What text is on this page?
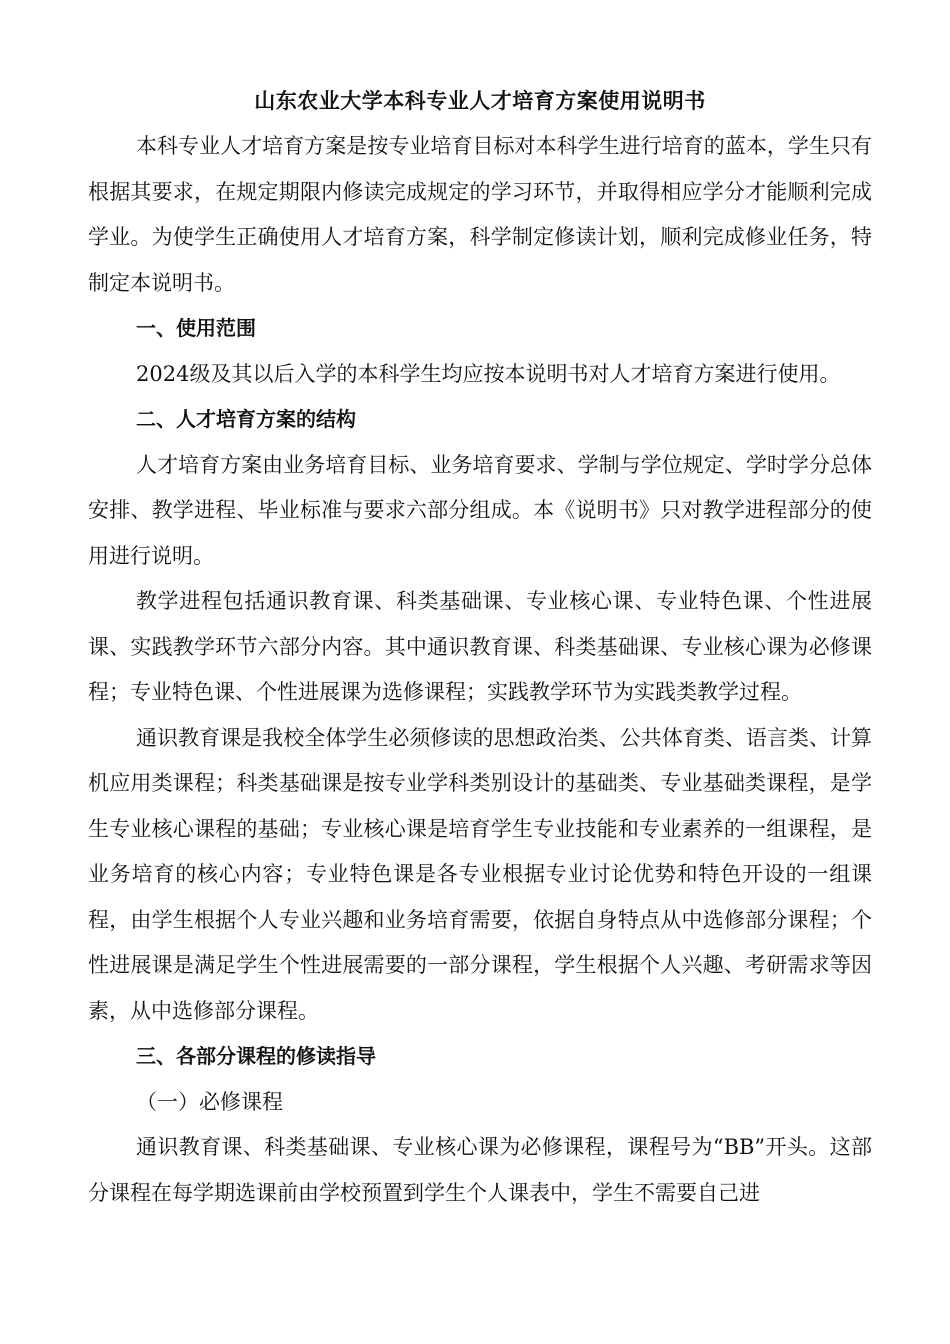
山东农业大学本科专业人才培育方案使用说明书

本科专业人才培育方案是按专业培育目标对本科学生进行培育的蓝本，学生只有根据其要求，在规定期限内修读完成规定的学习环节，并取得相应学分才能顺利完成学业。为使学生正确使用人才培育方案，科学制定修读计划，顺利完成修业任务，特制定本说明书。

一、使用范围

2024级及其以后入学的本科学生均应按本说明书对人才培育方案进行使用。

二、人才培育方案的结构

人才培育方案由业务培育目标、业务培育要求、学制与学位规定、学时学分总体安排、教学进程、毕业标准与要求六部分组成。本《说明书》只对教学进程部分的使用进行说明。

教学进程包括通识教育课、科类基础课、专业核心课、专业特色课、个性进展课、实践教学环节六部分内容。其中通识教育课、科类基础课、专业核心课为必修课程；专业特色课、个性进展课为选修课程；实践教学环节为实践类教学过程。

通识教育课是我校全体学生必须修读的思想政治类、公共体育类、语言类、计算机应用类课程；科类基础课是按专业学科类别设计的基础类、专业基础类课程，是学生专业核心课程的基础；专业核心课是培育学生专业技能和专业素养的一组课程，是业务培育的核心内容；专业特色课是各专业根据专业讨论优势和特色开设的一组课程，由学生根据个人专业兴趣和业务培育需要，依据自身特点从中选修部分课程；个性进展课是满足学生个性进展需要的一部分课程，学生根据个人兴趣、考研需求等因素，从中选修部分课程。

三、各部分课程的修读指导

（一）必修课程

通识教育课、科类基础课、专业核心课为必修课程，课程号为“BB”开头。这部分课程在每学期选课前由学校预置到学生个人课表中，学生不需要自己进
